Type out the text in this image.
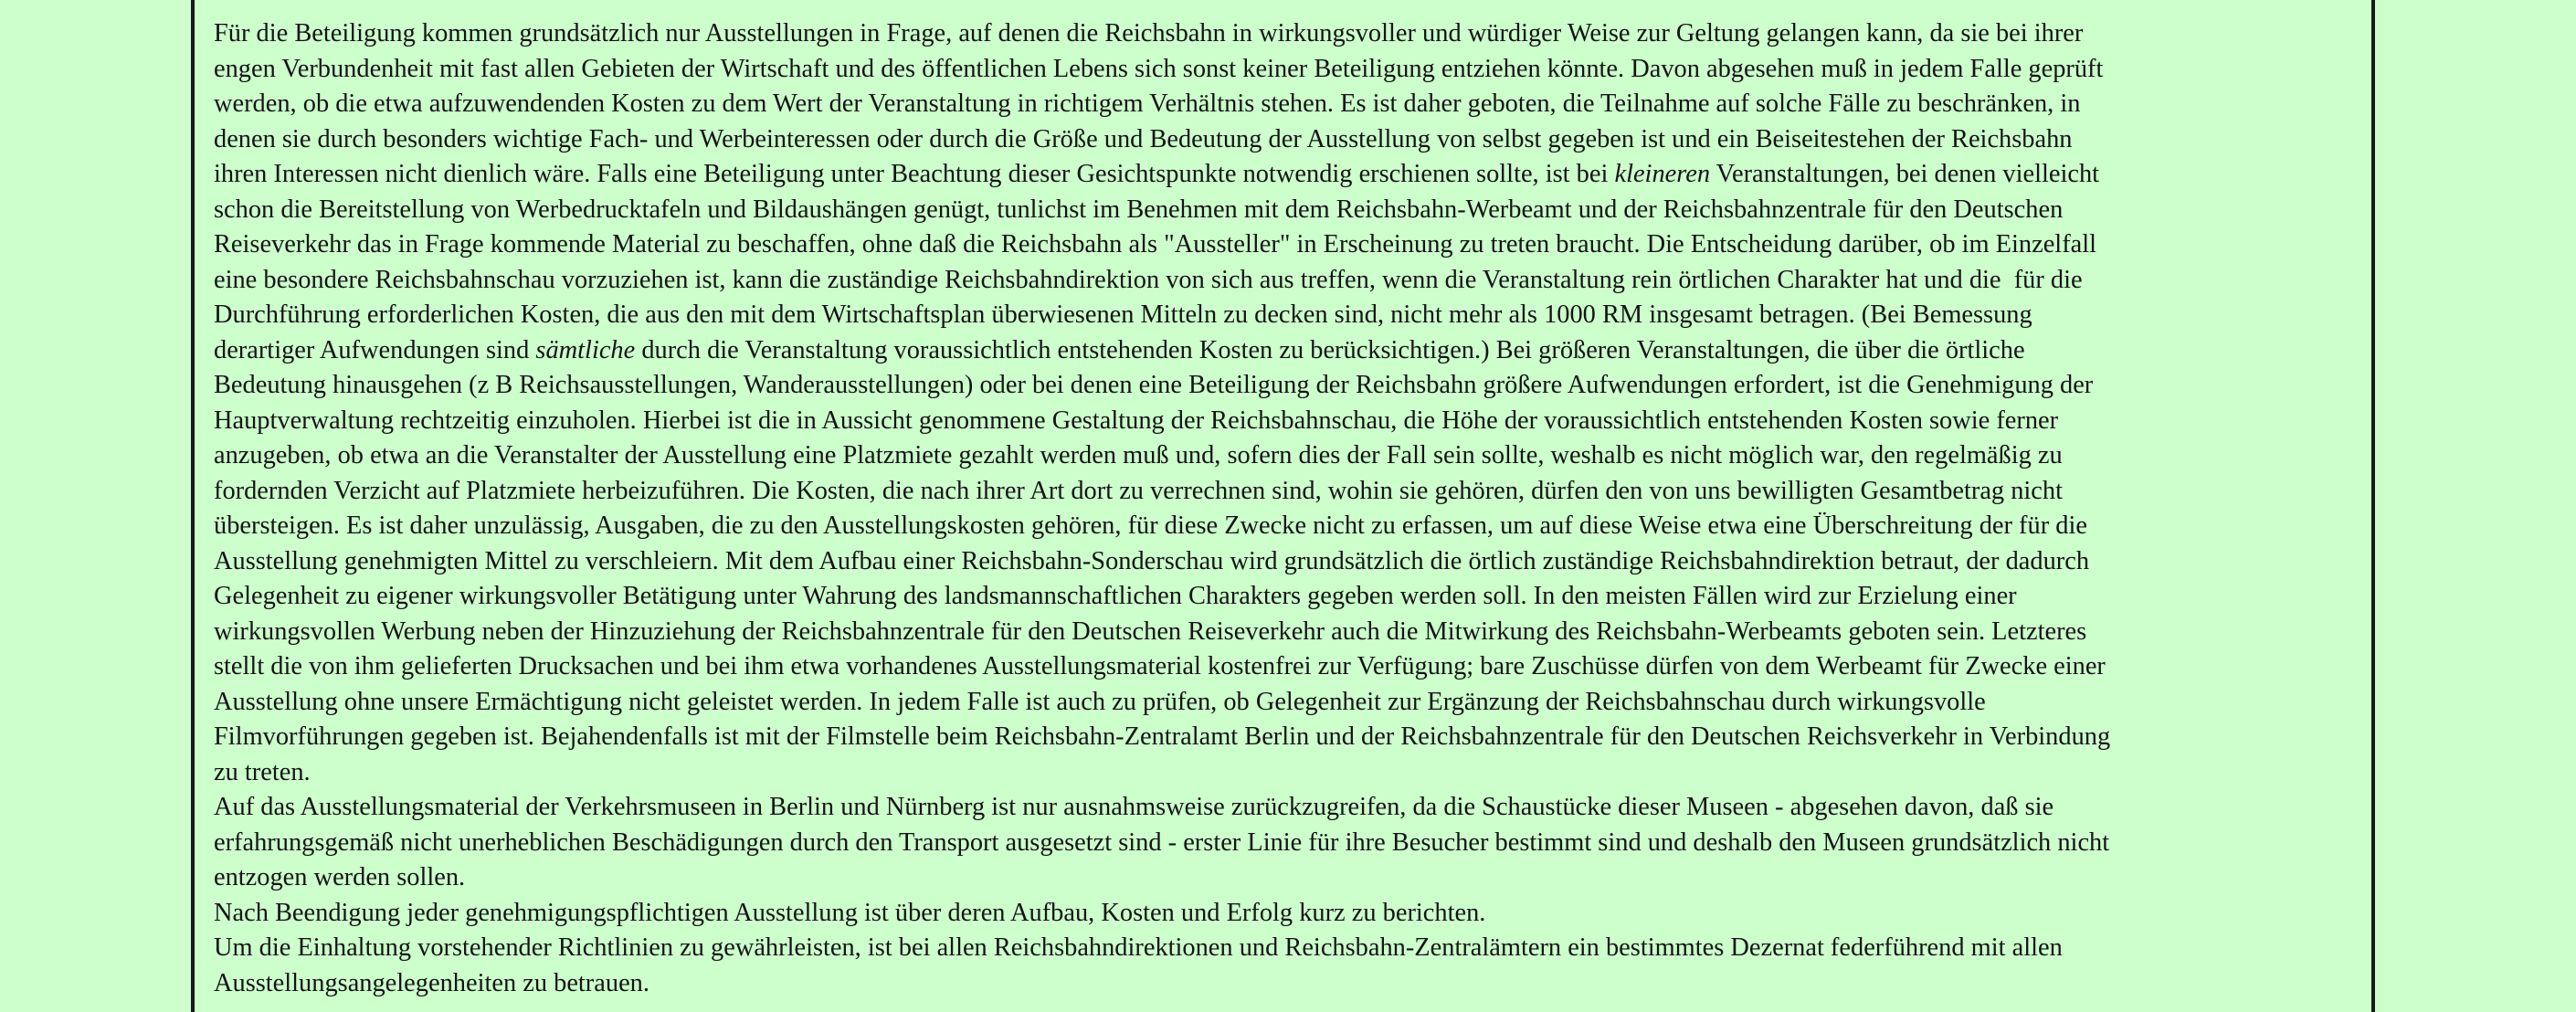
Für die Beteiligung kommen grundsätzlich nur Ausstellungen in Frage, auf denen die Reichsbahn in wirkungsvoller und würdiger Weise zur Geltung gelangen kann, da sie bei ihrer
engen Verbundenheit mit fast allen Gebieten der Wirtschaft und des öffentlichen Lebens sich sonst keiner Beteiligung entziehen könnte. Davon abgesehen muß in jedem Falle geprüft
werden, ob die etwa aufzuwendenden Kosten zu dem Wert der Veranstaltung in richtigem Verhältnis stehen. Es ist daher geboten, die Teilnahme auf solche Fälle zu beschränken, in
denen sie durch besonders wichtige Fach- und Werbeinteressen oder durch die Größe und Bedeutung der Ausstellung von selbst gegeben ist und ein Beiseitestehen der Reichsbahn
ihren Interessen nicht dienlich wäre. Falls eine Beteiligung unter Beachtung dieser Gesichtspunkte notwendig erschienen sollte, ist bei kleineren Veranstaltungen, bei denen vielleicht
schon die Bereitstellung von Werbedrucktafeln und Bildaushängen genügt, tunlichst im Benehmen mit dem Reichsbahn-Werbeamt und der Reichsbahnzentrale für den Deutschen
Reiseverkehr das in Frage kommende Material zu beschaffen, ohne daß die Reichsbahn als "Aussteller" in Erscheinung zu treten braucht. Die Entscheidung darüber, ob im Einzelfall
eine besondere Reichsbahnschau vorzuziehen ist, kann die zuständige Reichsbahndirektion von sich aus treffen, wenn die Veranstaltung rein örtlichen Charakter hat und die  für die
Durchführung erforderlichen Kosten, die aus den mit dem Wirtschaftsplan überwiesenen Mitteln zu decken sind, nicht mehr als 1000 RM insgesamt betragen. (Bei Bemessung
derartiger Aufwendungen sind sämtliche durch die Veranstaltung voraussichtlich entstehenden Kosten zu berücksichtigen.) Bei größeren Veranstaltungen, die über die örtliche
Bedeutung hinausgehen (z B Reichsausstellungen, Wanderausstellungen) oder bei denen eine Beteiligung der Reichsbahn größere Aufwendungen erfordert, ist die Genehmigung der
Hauptverwaltung rechtzeitig einzuholen. Hierbei ist die in Aussicht genommene Gestaltung der Reichsbahnschau, die Höhe der voraussichtlich entstehenden Kosten sowie ferner
anzugeben, ob etwa an die Veranstalter der Ausstellung eine Platzmiete gezahlt werden muß und, sofern dies der Fall sein sollte, weshalb es nicht möglich war, den regelmäßig zu
fordernden Verzicht auf Platzmiete herbeizuführen. Die Kosten, die nach ihrer Art dort zu verrechnen sind, wohin sie gehören, dürfen den von uns bewilligten Gesamtbetrag nicht
übersteigen. Es ist daher unzulässig, Ausgaben, die zu den Ausstellungskosten gehören, für diese Zwecke nicht zu erfassen, um auf diese Weise etwa eine Überschreitung der für die
Ausstellung genehmigten Mittel zu verschleiern. Mit dem Aufbau einer Reichsbahn-Sonderschau wird grundsätzlich die örtlich zuständige Reichsbahndirektion betraut, der dadurch
Gelegenheit zu eigener wirkungsvoller Betätigung unter Wahrung des landsmannschaftlichen Charakters gegeben werden soll. In den meisten Fällen wird zur Erzielung einer
wirkungsvollen Werbung neben der Hinzuziehung der Reichsbahnzentrale für den Deutschen Reiseverkehr auch die Mitwirkung des Reichsbahn-Werbeamts geboten sein. Letzteres
stellt die von ihm gelieferten Drucksachen und bei ihm etwa vorhandenes Ausstellungsmaterial kostenfrei zur Verfügung; bare Zuschüsse dürfen von dem Werbeamt für Zwecke einer
Ausstellung ohne unsere Ermächtigung nicht geleistet werden. In jedem Falle ist auch zu prüfen, ob Gelegenheit zur Ergänzung der Reichsbahnschau durch wirkungsvolle
Filmvorführungen gegeben ist. Bejahendenfalls ist mit der Filmstelle beim Reichsbahn-Zentralamt Berlin und der Reichsbahnzentrale für den Deutschen Reichsverkehr in Verbindung
zu treten.
Auf das Ausstellungsmaterial der Verkehrsmuseen in Berlin und Nürnberg ist nur ausnahmsweise zurückzugreifen, da die Schaustücke dieser Museen - abgesehen davon, daß sie
erfahrungsgemäß nicht unerheblichen Beschädigungen durch den Transport ausgesetzt sind - erster Linie für ihre Besucher bestimmt sind und deshalb den Museen grundsätzlich nicht
entzogen werden sollen.
Nach Beendigung jeder genehmigungspflichtigen Ausstellung ist über deren Aufbau, Kosten und Erfolg kurz zu berichten.
Um die Einhaltung vorstehender Richtlinien zu gewährleisten, ist bei allen Reichsbahndirektionen und Reichsbahn-Zentralämtern ein bestimmtes Dezernat federführend mit allen
Ausstellungsangelegenheiten zu betrauen.
